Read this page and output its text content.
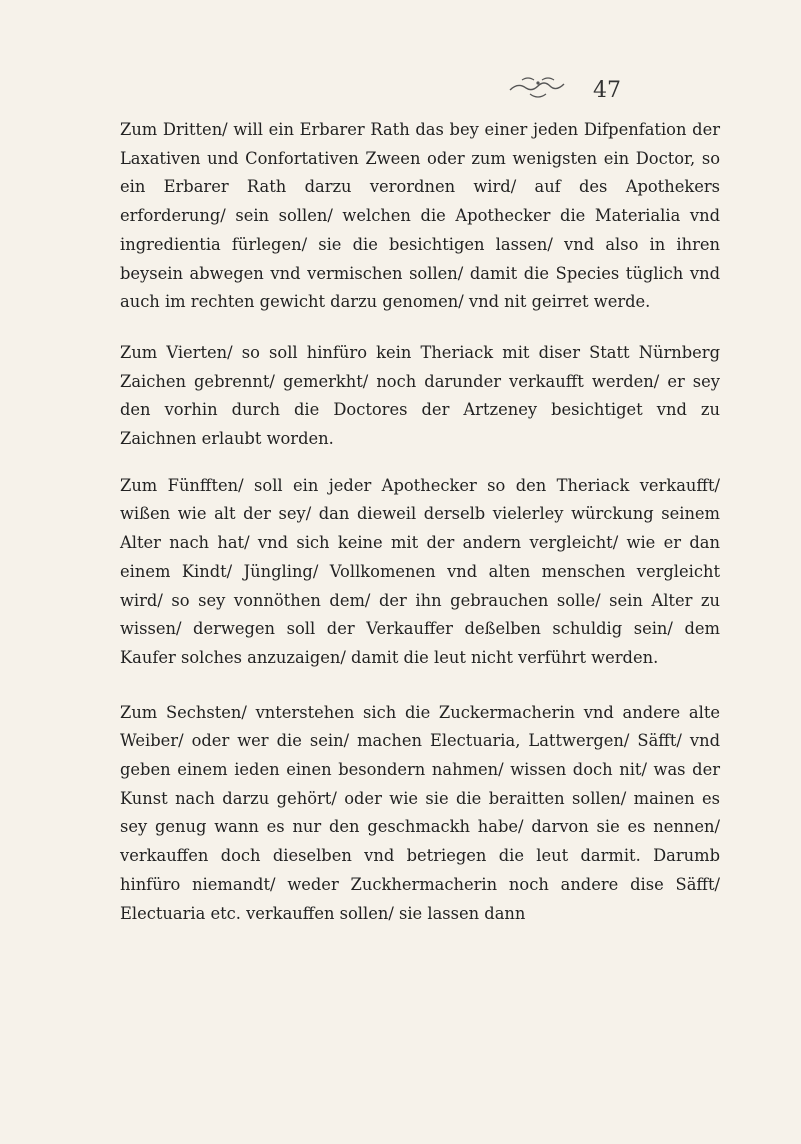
47

Zum Dritten/ will ein Erbarer Rath das bey einer jeden Difpenfation der Laxativen und Confortativen Zween oder zum wenigsten ein Doctor, so ein Erbarer Rath darzu verordnen wird/ auf des Apothekers erforderung/ sein sollen/ welchen die Apothecker die Materialia vnd ingredientia fürlegen/ sie die besichtigen lassen/ vnd also in ihren beysein abwegen vnd vermischen sollen/ damit die Species tüglich vnd auch im rechten gewicht darzu genomen/ vnd nit geirret werde.

Zum Vierten/ so soll hinfüro kein Theriack mit diser Statt Nürnberg Zaichen gebrennt/ gemerkht/ noch darunder verkaufft werden/ er sey den vorhin durch die Doctores der Artzeney besichtiget vnd zu Zaichnen erlaubt worden.

Zum Fünfften/ soll ein jeder Apothecker so den Theriack verkaufft/ wißen wie alt der sey/ dan dieweil derselb vielerley würckung seinem Alter nach hat/ vnd sich keine mit der andern vergleicht/ wie er dan einem Kindt/ Jüngling/ Vollkomenen vnd alten menschen vergleicht wird/ so sey vonnöthen dem/ der ihn gebrauchen solle/ sein Alter zu wissen/ derwegen soll der Verkauffer deßelben schuldig sein/ dem Kaufer solches anzuzaigen/ damit die leut nicht verführt werden.

Zum Sechsten/ vnterstehen sich die Zuckermacherin vnd andere alte Weiber/ oder wer die sein/ machen Electuaria, Lattwergen/ Säfft/ vnd geben einem ieden einen besondern nahmen/ wissen doch nit/ was der Kunst nach darzu gehört/ oder wie sie die beraitten sollen/ mainen es sey genug wann es nur den geschmackh habe/ darvon sie es nennen/ verkauffen doch dieselben vnd betriegen die leut darmit. Darumb hinfüro niemandt/ weder Zuckhermacherin noch andere dise Säfft/ Electuaria etc. verkauffen sollen/ sie lassen dann
